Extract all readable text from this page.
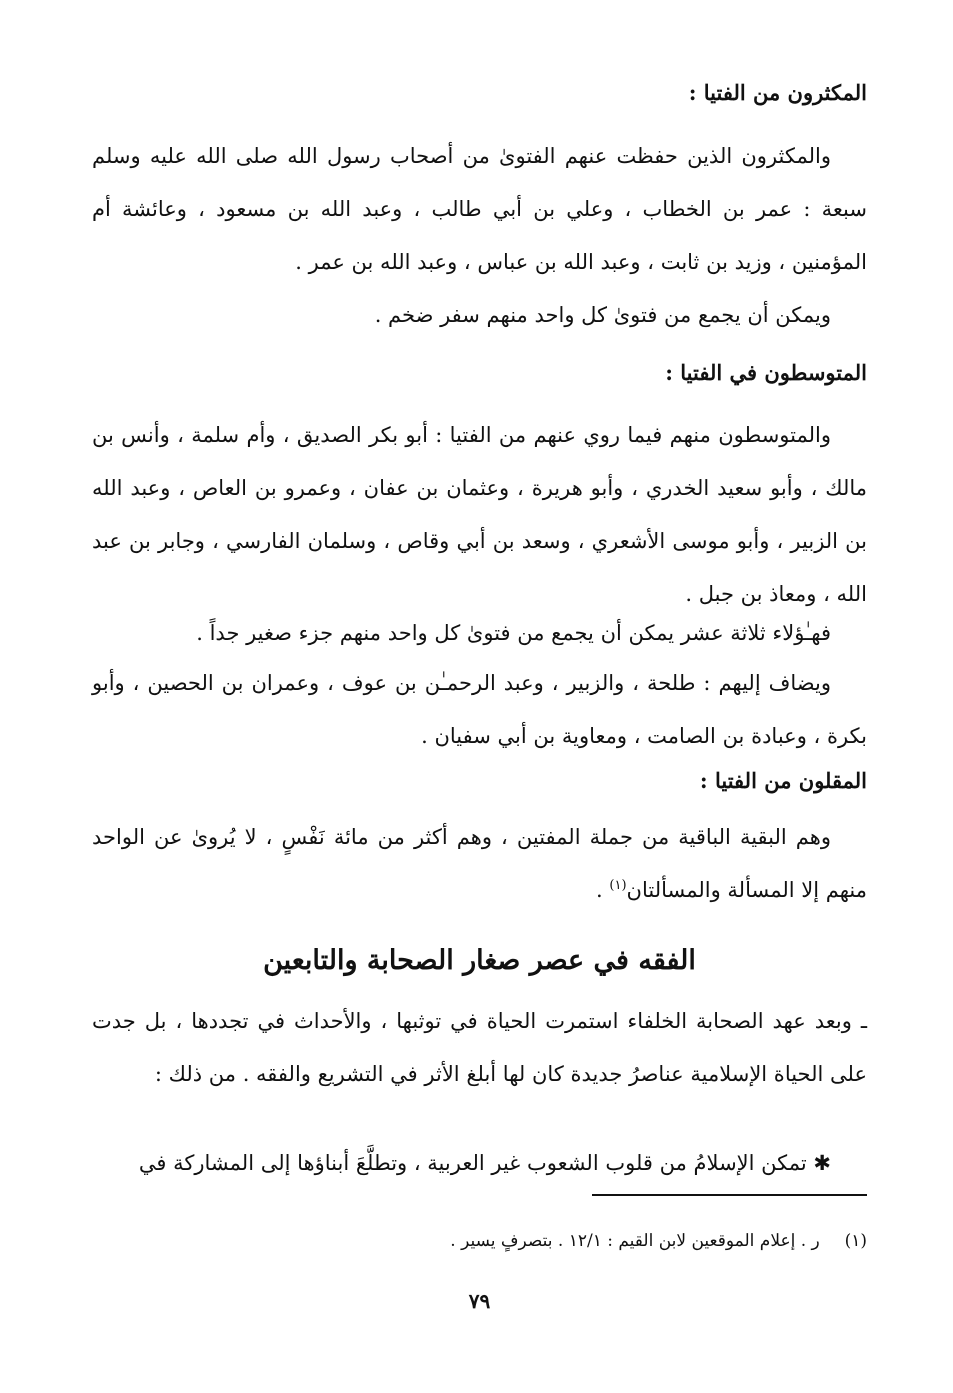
المكثرون من الفتيا :
والمكثرون الذين حفظت عنهم الفتوىٰ من أصحاب رسول الله صلى الله عليه وسلم سبعة : عمر بن الخطاب ، وعلي بن أبي طالب ، وعبد الله بن مسعود ، وعائشة أم المؤمنين ، وزيد بن ثابت ، وعبد الله بن عباس ، وعبد الله بن عمر .
ويمكن أن يجمع من فتوىٰ كل واحد منهم سفر ضخم .
المتوسطون في الفتيا :
والمتوسطون منهم فيما روي عنهم من الفتيا : أبو بكر الصديق ، وأم سلمة ، وأنس بن مالك ، وأبو سعيد الخدري ، وأبو هريرة ، وعثمان بن عفان ، وعمرو بن العاص ، وعبد الله بن الزبير ، وأبو موسى الأشعري ، وسعد بن أبي وقاص ، وسلمان الفارسي ، وجابر بن عبد الله ، ومعاذ بن جبل .
فهـٰؤلاء ثلاثة عشر يمكن أن يجمع من فتوىٰ كل واحد منهم جزء صغير جداً .
ويضاف إليهم : طلحة ، والزبير ، وعبد الرحمـٰن بن عوف ، وعمران بن الحصين ، وأبو بكرة ، وعبادة بن الصامت ، ومعاوية بن أبي سفيان .
المقلون من الفتيا :
وهم البقية الباقية من جملة المفتين ، وهم أكثر من مائة نَفْسٍ ، لا يُروىٰ عن الواحد منهم إلا المسألة والمسألتان$^{(١)}$ .
الفقه في عصر صغار الصحابة والتابعين
ـ وبعد عهد الصحابة الخلفاء استمرت الحياة في توثبها ، والأحداث في تجددها ، بل جدت على الحياة الإسلامية عناصرُ جديدة كان لها أبلغ الأثر في التشريع والفقه . من ذلك :
✱ تمكن الإسلامُ من قلوب الشعوب غير العربية ، وتطلَّعَ أبناؤها إلى المشاركة في
(١)  ر . إعلام الموقعين لابن القيم : ١٢/١ . بتصرفٍ يسير .
٧٩
